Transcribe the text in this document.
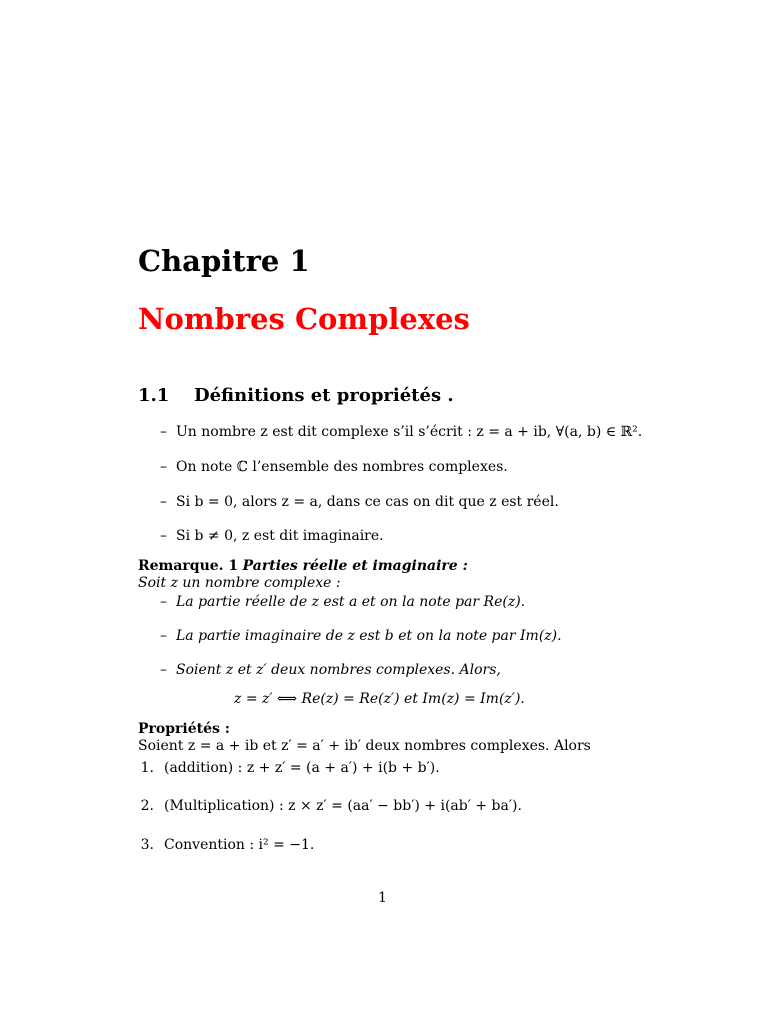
Chapitre 1
Nombres Complexes
1.1 Définitions et propriétés .
– Un nombre z est dit complexe s’il s’écrit : z = a + ib, ∀(a, b) ∈ ℝ².
– On note ℂ l’ensemble des nombres complexes.
– Si b = 0, alors z = a, dans ce cas on dit que z est réel.
– Si b ≠ 0, z est dit imaginaire.
Remarque. 1 Parties réelle et imaginaire :
Soit z un nombre complexe :
– La partie réelle de z est a et on la note par Re(z).
– La partie imaginaire de z est b et on la note par Im(z).
– Soient z et z′ deux nombres complexes. Alors,
z = z′ ⟺ Re(z) = Re(z′) et Im(z) = Im(z′).
Propriétés :
Soient z = a + ib et z′ = a′ + ib′ deux nombres complexes. Alors
1. (addition) : z + z′ = (a + a′) + i(b + b′).
2. (Multiplication) : z × z′ = (aa′ − bb′) + i(ab′ + ba′).
3. Convention : i² = −1.
1
